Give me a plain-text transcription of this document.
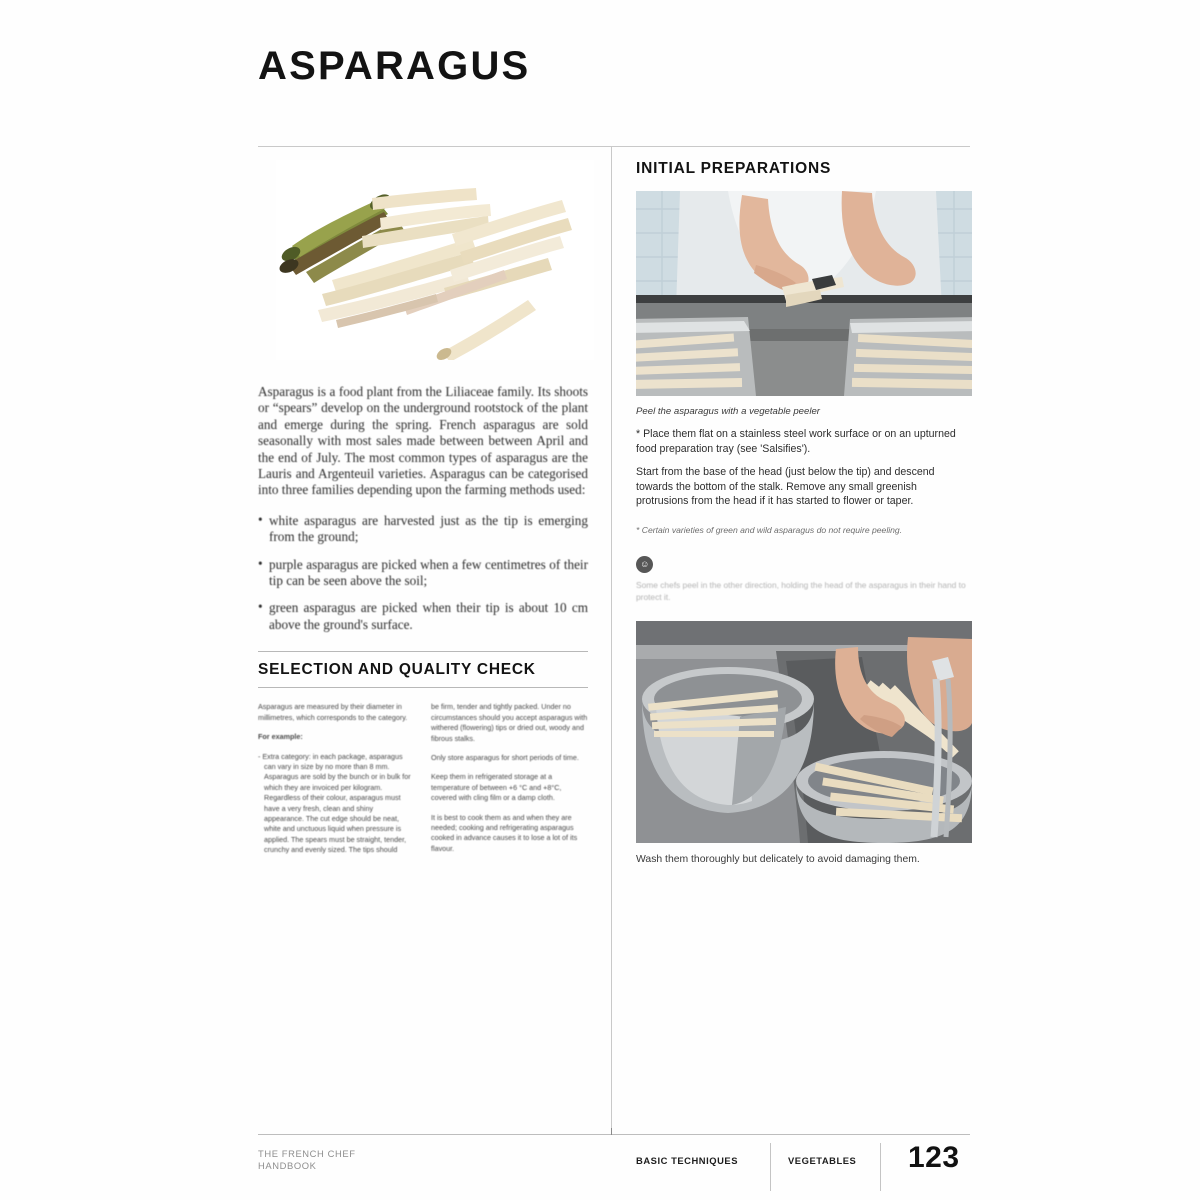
ASPARAGUS
Asparagus is a food plant from the Liliaceae family. Its shoots or “spears” develop on the underground rootstock of the plant and emerge during the spring. French asparagus are sold seasonally with most sales made between between April and the end of July. The most common types of asparagus are the Lauris and Argenteuil varieties. Asparagus can be categorised into three families depending upon the farming methods used:
• white asparagus are harvested just as the tip is emerging from the ground;
• purple asparagus are picked when a few centimetres of their tip can be seen above the soil;
• green asparagus are picked when their tip is about 10 cm above the ground's surface.
SELECTION AND QUALITY CHECK

Asparagus are measured by their diameter in millimetres, which corresponds to the category.

For example:

- Extra category: in each package, asparagus can vary in size by no more than 8 mm. Asparagus are sold by the bunch or in bulk for which they are invoiced per kilogram. Regardless of their colour, asparagus must have a very fresh, clean and shiny appearance. The cut edge should be neat, white and unctuous liquid when pressure is applied. The spears must be straight, tender, crunchy and evenly sized. The tips should

be firm, tender and tightly packed. Under no circumstances should you accept asparagus with withered (flowering) tips or dried out, woody and fibrous stalks.

Only store asparagus for short periods of time.

Keep them in refrigerated storage at a temperature of between +6 °C and +8°C, covered with cling film or a damp cloth.

It is best to cook them as and when they are needed; cooking and refrigerating asparagus cooked in advance causes it to lose a lot of its flavour.

INITIAL PREPARATIONS
Peel the asparagus with a vegetable peeler
* Place them flat on a stainless steel work surface or on an upturned food preparation tray (see 'Salsifies').
Start from the base of the head (just below the tip) and descend towards the bottom of the stalk. Remove any small greenish protrusions from the head if it has started to flower or taper.
* Certain varieties of green and wild asparagus do not require peeling.
☺
Some chefs peel in the other direction, holding the head of the asparagus in their hand to protect it.
Wash them thoroughly but delicately to avoid damaging them.
THE FRENCH CHEF
HANDBOOK	BASIC TECHNIQUES	VEGETABLES 123
